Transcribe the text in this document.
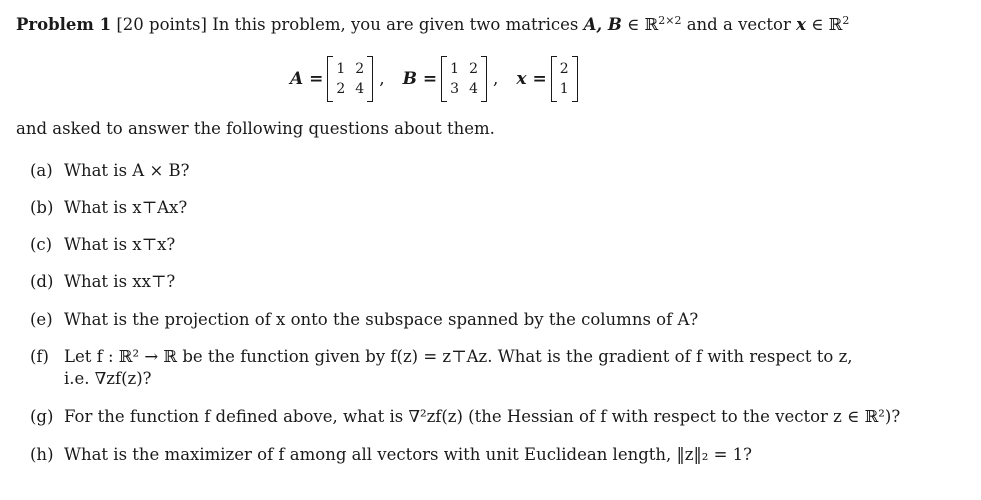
Problem 1 [20 points] In this problem, you are given two matrices A, B ∈ ℝ$^{2\times 2}$ and a vector x ∈ ℝ$^2$
A = 1 2
2 4 , B = 1 2
3 4 , x = 2
1
and asked to answer the following questions about them.
(a) What is A × B?
(b) What is x⊤Ax?
(c) What is x⊤x?
(d) What is xx⊤?
(e) What is the projection of x onto the subspace spanned by the columns of A?
(f) Let f : ℝ² → ℝ be the function given by f(z) = z⊤Az. What is the gradient of f with respect to z,
i.e. ∇zf(z)?
(g) For the function f defined above, what is ∇²zf(z) (the Hessian of f with respect to the vector z ∈ ℝ²)?
(h) What is the maximizer of f among all vectors with unit Euclidean length, ‖z‖₂ = 1?
